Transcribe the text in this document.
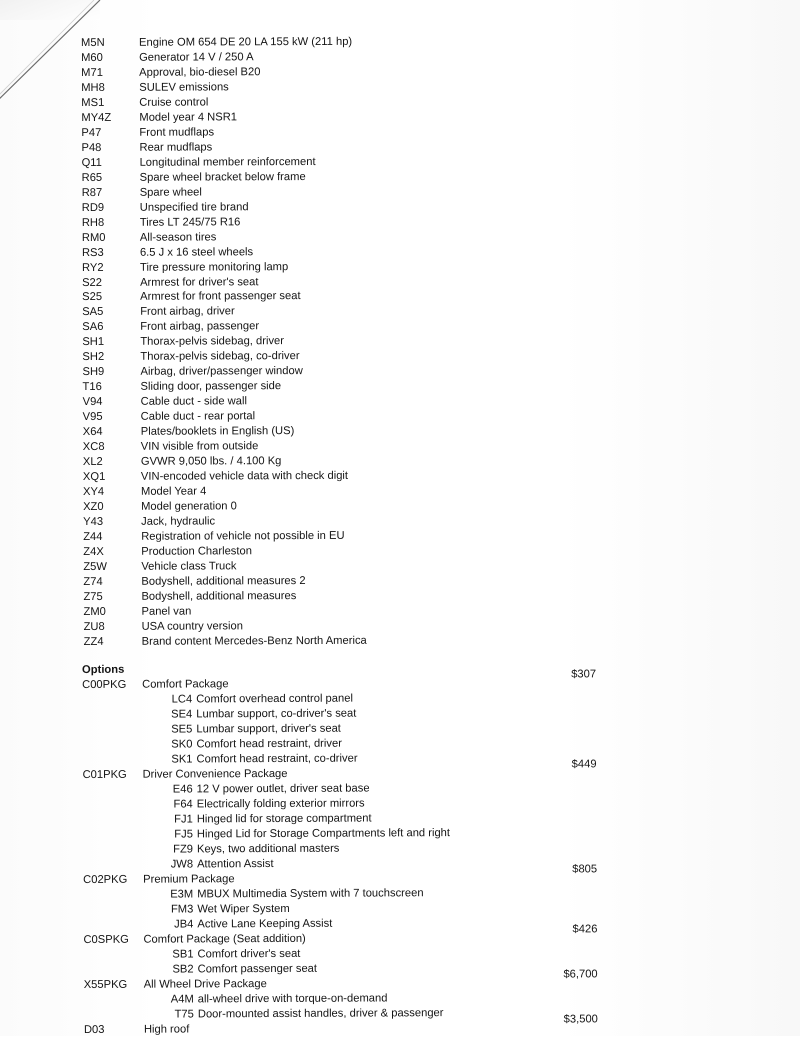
M5N	Engine OM 654 DE 20 LA 155 kW (211 hp)
M60	Generator 14 V / 250 A
M71	Approval, bio-diesel B20
MH8	SULEV emissions
MS1	Cruise control
MY4Z	Model year 4 NSR1
P47	Front mudflaps
P48	Rear mudflaps
Q11	Longitudinal member reinforcement
R65	Spare wheel bracket below frame
R87	Spare wheel
RD9	Unspecified tire brand
RH8	Tires LT 245/75 R16
RM0	All-season tires
RS3	6.5 J x 16 steel wheels
RY2	Tire pressure monitoring lamp
S22	Armrest for driver's seat
S25	Armrest for front passenger seat
SA5	Front airbag, driver
SA6	Front airbag, passenger
SH1	Thorax-pelvis sidebag, driver
SH2	Thorax-pelvis sidebag, co-driver
SH9	Airbag, driver/passenger window
T16	Sliding door, passenger side
V94	Cable duct - side wall
V95	Cable duct - rear portal
X64	Plates/booklets in English (US)
XC8	VIN visible from outside
XL2	GVWR 9,050 lbs. / 4.100 Kg
XQ1	VIN-encoded vehicle data with check digit
XY4	Model Year 4
XZ0	Model generation 0
Y43	Jack, hydraulic
Z44	Registration of vehicle not possible in EU
Z4X	Production Charleston
Z5W	Vehicle class Truck
Z74	Bodyshell, additional measures 2
Z75	Bodyshell, additional measures
ZM0	Panel van
ZU8	USA country version
ZZ4	Brand content Mercedes-Benz North America
Options
C00PKG Comfort Package
$307
LC4 Comfort overhead control panel
SE4 Lumbar support, co-driver's seat
SE5 Lumbar support, driver's seat
SK0 Comfort head restraint, driver
SK1 Comfort head restraint, co-driver
C01PKG Driver Convenience Package
$449
E46 12 V power outlet, driver seat base
F64 Electrically folding exterior mirrors
FJ1 Hinged lid for storage compartment
FJ5 Hinged Lid for Storage Compartments left and right
FZ9 Keys, two additional masters
JW8 Attention Assist
C02PKG Premium Package
$805
E3M MBUX Multimedia System with 7 touchscreen
FM3 Wet Wiper System
JB4 Active Lane Keeping Assist
C0SPKG Comfort Package (Seat addition)
$426
SB1 Comfort driver's seat
SB2 Comfort passenger seat
X55PKG All Wheel Drive Package
$6,700
A4M all-wheel drive with torque-on-demand
T75 Door-mounted assist handles, driver & passenger
D03	High roof
$3,500
